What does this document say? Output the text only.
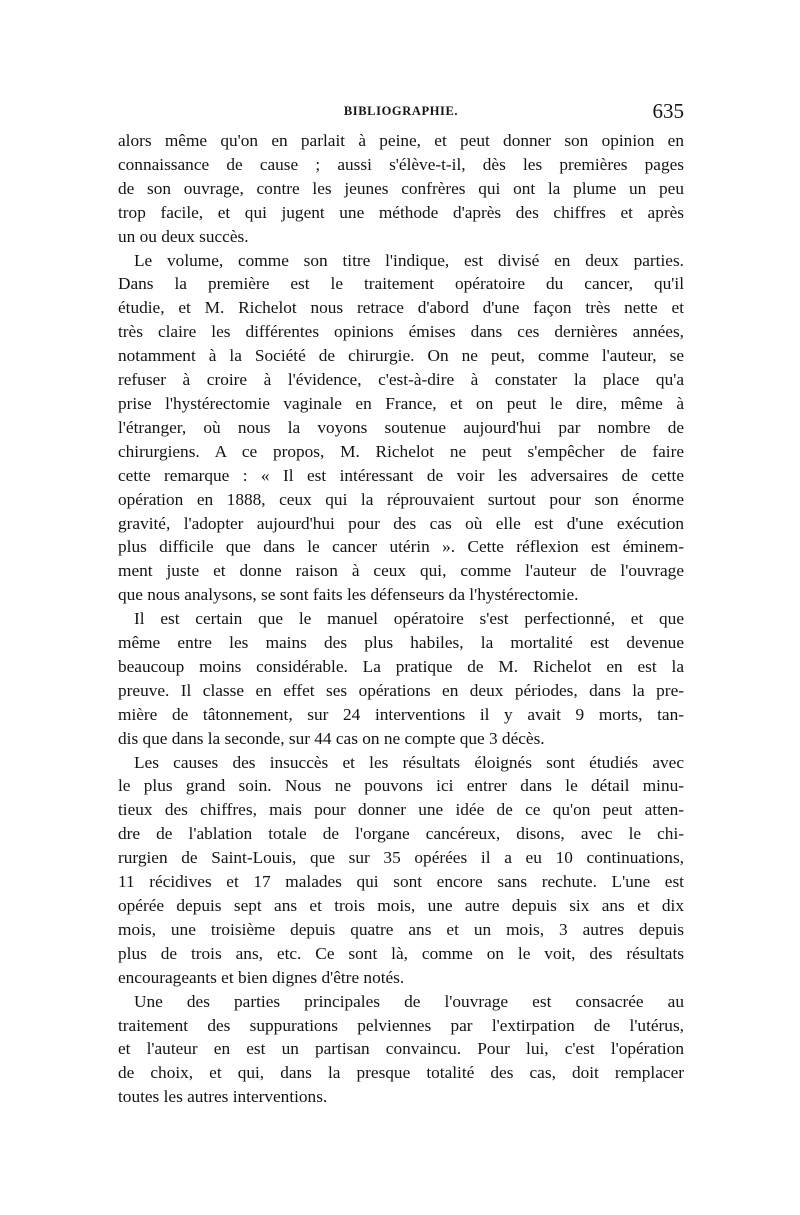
BIBLIOGRAPHIE.	635
alors même qu'on en parlait à peine, et peut donner son opinion en
connaissance de cause ; aussi s'élève-t-il, dès les premières pages
de son ouvrage, contre les jeunes confrères qui ont la plume un peu
trop facile, et qui jugent une méthode d'après des chiffres et après
un ou deux succès.
Le volume, comme son titre l'indique, est divisé en deux parties.
Dans la première est le traitement opératoire du cancer, qu'il
étudie, et M. Richelot nous retrace d'abord d'une façon très nette et
très claire les différentes opinions émises dans ces dernières années,
notamment à la Société de chirurgie. On ne peut, comme l'auteur, se
refuser à croire à l'évidence, c'est-à-dire à constater la place qu'a
prise l'hystérectomie vaginale en France, et on peut le dire, même à
l'étranger, où nous la voyons soutenue aujourd'hui par nombre de
chirurgiens. A ce propos, M. Richelot ne peut s'empêcher de faire
cette remarque : « Il est intéressant de voir les adversaires de cette
opération en 1888, ceux qui la réprouvaient surtout pour son énorme
gravité, l'adopter aujourd'hui pour des cas où elle est d'une exécution
plus difficile que dans le cancer utérin ». Cette réflexion est éminem-
ment juste et donne raison à ceux qui, comme l'auteur de l'ouvrage
que nous analysons, se sont faits les défenseurs da l'hystérectomie.
Il est certain que le manuel opératoire s'est perfectionné, et que
même entre les mains des plus habiles, la mortalité est devenue
beaucoup moins considérable. La pratique de M. Richelot en est la
preuve. Il classe en effet ses opérations en deux périodes, dans la pre-
mière de tâtonnement, sur 24 interventions il y avait 9 morts, tan-
dis que dans la seconde, sur 44 cas on ne compte que 3 décès.
Les causes des insuccès et les résultats éloignés sont étudiés avec
le plus grand soin. Nous ne pouvons ici entrer dans le détail minu-
tieux des chiffres, mais pour donner une idée de ce qu'on peut atten-
dre de l'ablation totale de l'organe cancéreux, disons, avec le chi-
rurgien de Saint-Louis, que sur 35 opérées il a eu 10 continuations,
11 récidives et 17 malades qui sont encore sans rechute. L'une est
opérée depuis sept ans et trois mois, une autre depuis six ans et dix
mois, une troisième depuis quatre ans et un mois, 3 autres depuis
plus de trois ans, etc. Ce sont là, comme on le voit, des résultats
encourageants et bien dignes d'être notés.
Une des parties principales de l'ouvrage est consacrée au
traitement des suppurations pelviennes par l'extirpation de l'utérus,
et l'auteur en est un partisan convaincu. Pour lui, c'est l'opération
de choix, et qui, dans la presque totalité des cas, doit remplacer
toutes les autres interventions.
